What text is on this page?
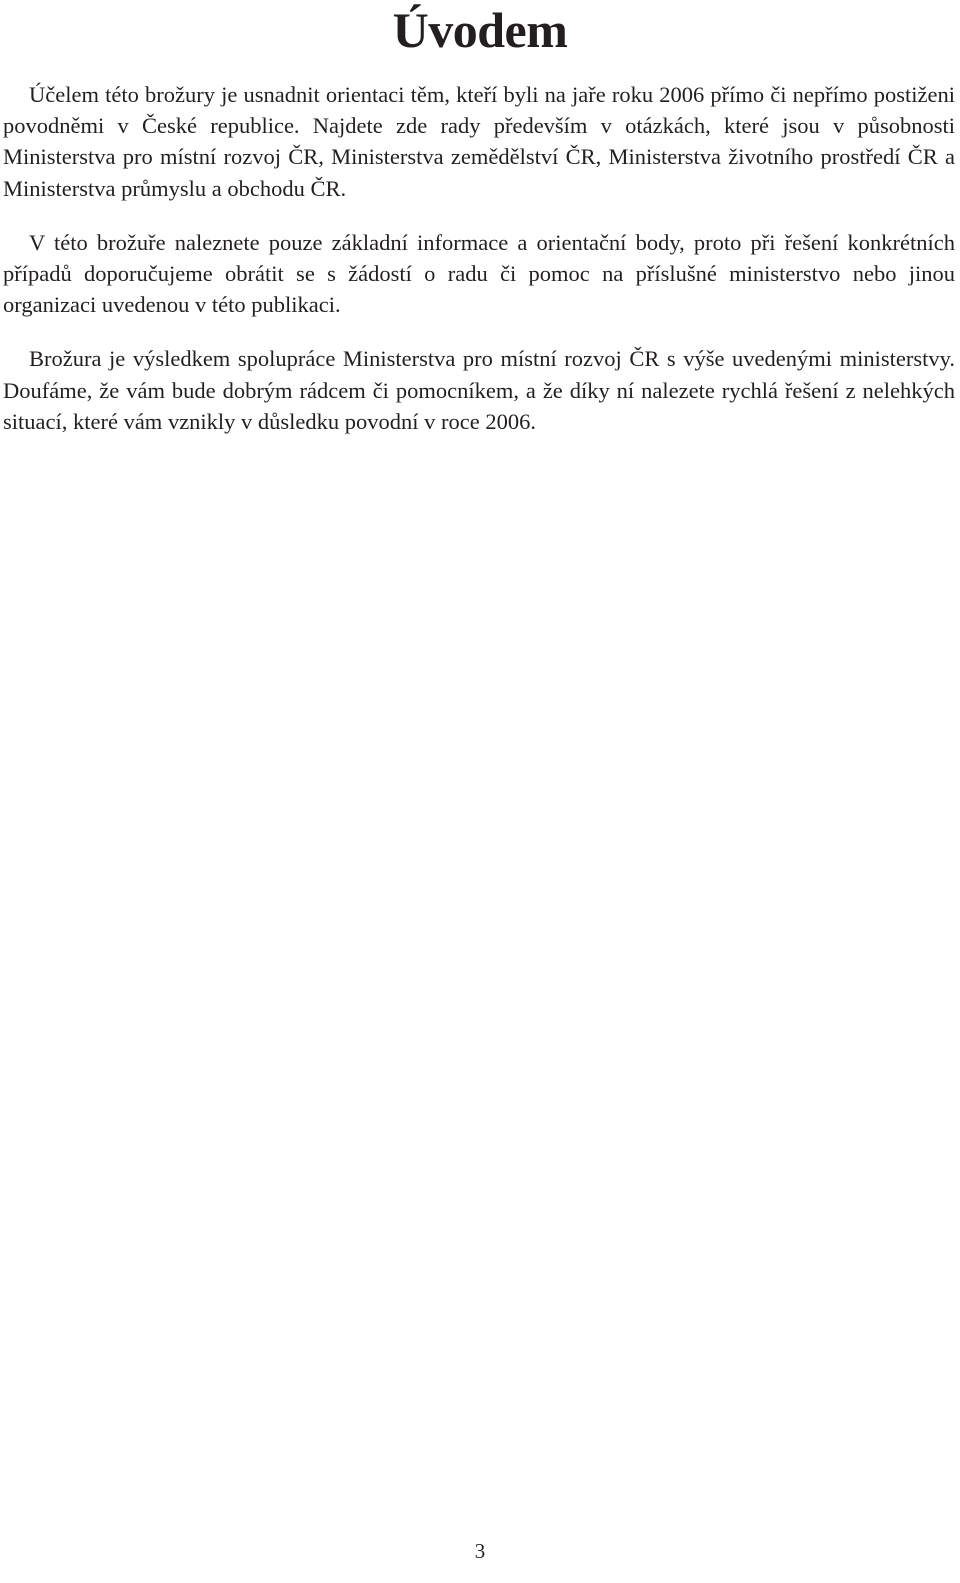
Úvodem

Účelem této brožury je usnadnit orientaci těm, kteří byli na jaře roku 2006 přímo či nepřímo postiženi povodněmi v České republice. Najdete zde rady především v otázkách, které jsou v působnosti Ministerstva pro místní rozvoj ČR, Ministerstva zemědělství ČR, Ministerstva životního prostředí ČR a Ministerstva průmyslu a obchodu ČR.

V této brožuře naleznete pouze základní informace a orientační body, proto při řešení konkrétních případů doporučujeme obrátit se s žádostí o radu či pomoc na příslušné ministerstvo nebo jinou organizaci uvedenou v této publikaci.

Brožura je výsledkem spolupráce Ministerstva pro místní rozvoj ČR s výše uvedenými ministerstvy. Doufáme, že vám bude dobrým rádcem či pomocníkem, a že díky ní nalezete rychlá řešení z nelehkých situací, které vám vznikly v důsledku povodní v roce 2006.

3
